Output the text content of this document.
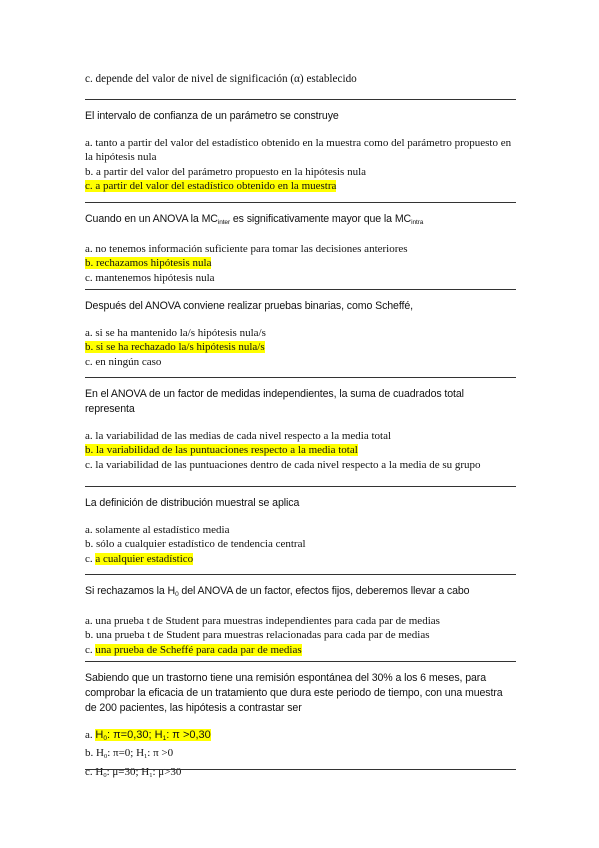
c. depende del valor de nivel de significación (α) establecido
El intervalo de confianza de un parámetro se construye
a. tanto a partir del valor del estadístico obtenido en la muestra como del parámetro propuesto en la hipótesis nula
b. a partir del valor del parámetro propuesto en la hipótesis nula
c. a partir del valor del estadístico obtenido en la muestra
Cuando en un ANOVA la $MC_{inter}$ es significativamente mayor que la $MC_{intra}$
a. no tenemos información suficiente para tomar las decisiones anteriores
b. rechazamos hipótesis nula
c. mantenemos hipótesis nula
Después del ANOVA conviene realizar pruebas binarias, como Scheffé,
a. si se ha mantenido la/s hipótesis nula/s
b. si se ha rechazado la/s hipótesis nula/s
c. en ningún caso
En el ANOVA de un factor de medidas independientes, la suma de cuadrados total representa
a. la variabilidad de las medias de cada nivel respecto a la media total
b. la variabilidad de las puntuaciones respecto a la media total
c. la variabilidad de las puntuaciones dentro de cada nivel respecto a la media de su grupo
La definición de distribución muestral se aplica
a. solamente al estadístico media
b. sólo a cualquier estadístico de tendencia central
c. a cualquier estadístico
Si rechazamos la $H_0$ del ANOVA de un factor, efectos fijos, deberemos llevar a cabo
a. una prueba t de Student para muestras independientes para cada par de medias
b. una prueba t de Student para muestras relacionadas para cada par de medias
c. una prueba de Scheffé para cada par de medias
Sabiendo que un trastorno tiene una remisión espontánea del 30% a los 6 meses, para comprobar la eficacia de un tratamiento que dura este periodo de tiempo, con una muestra de 200 pacientes, las hipótesis a contrastar ser
a. $H_0$: π=0,30; $H_1$: π >0,30
b. $H_0$: π=0; $H_1$: π >0
c. $H_0$: μ=30; $H_1$: μ>30
